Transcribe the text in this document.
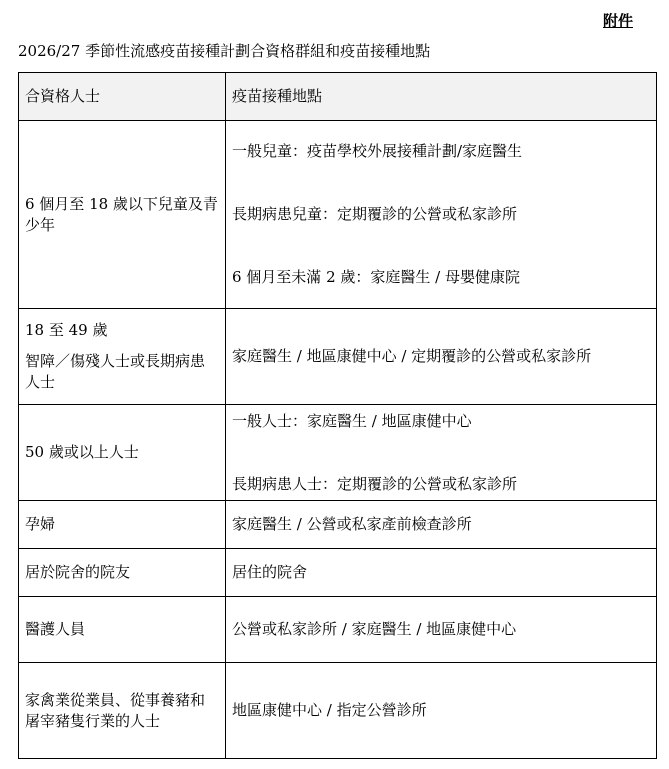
附件
2026/27 季節性流感疫苗接種計劃合資格群組和疫苗接種地點
合資格人士	疫苗接種地點
6 個月至 18 歲以下兒童及青少年	一般兒童：疫苗學校外展接種計劃/家庭醫生
長期病患兒童：定期覆診的公營或私家診所
6 個月至未滿 2 歲：家庭醫生 / 母嬰健康院

18 至 49 歲
智障／傷殘人士或長期病患人士	家庭醫生 / 地區康健中心 / 定期覆診的公營或私家診所
50 歲或以上人士	一般人士：家庭醫生 / 地區康健中心
長期病患人士：定期覆診的公營或私家診所

孕婦	家庭醫生 / 公營或私家產前檢查診所
居於院舍的院友	居住的院舍
醫護人員	公營或私家診所 / 家庭醫生 / 地區康健中心
家禽業從業員、從事養豬和屠宰豬隻行業的人士	地區康健中心 / 指定公營診所
